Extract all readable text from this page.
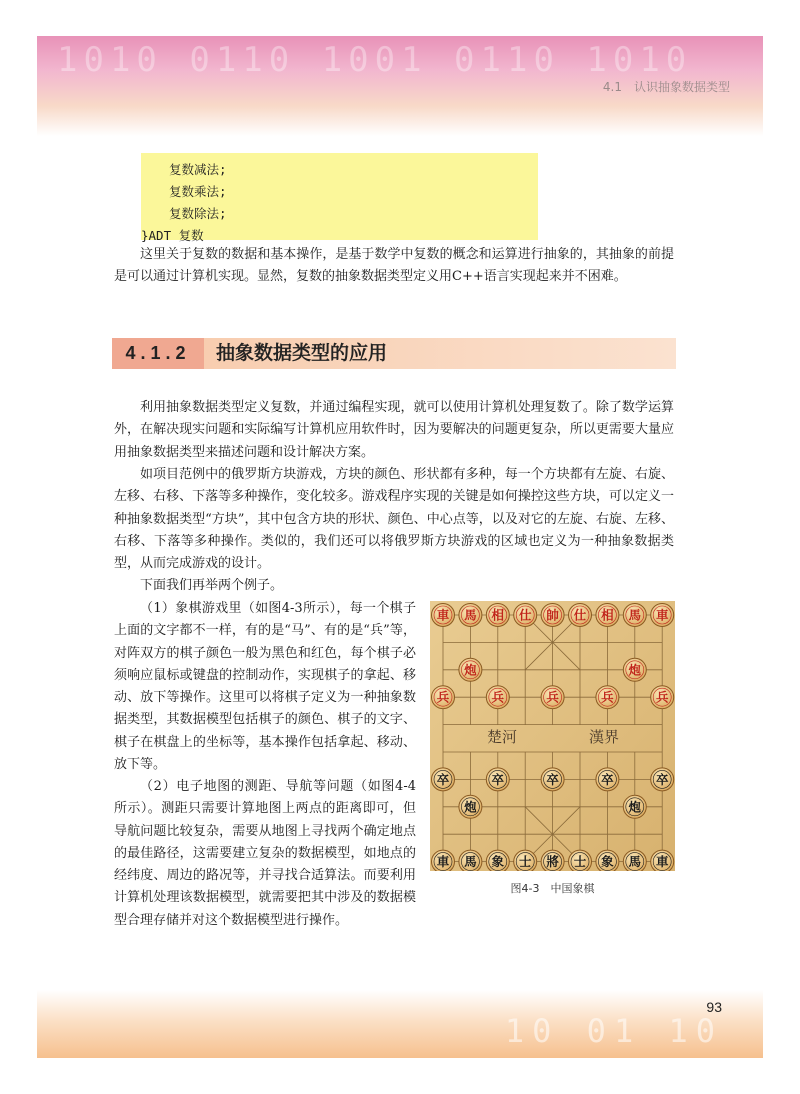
1010 0110 1001 0110 1010
4.1　认识抽象数据类型
复数减法;
复数乘法;
复数除法;
}ADT 复数

这里关于复数的数据和基本操作，是基于数学中复数的概念和运算进行抽象的，其抽象的前提是可以通过计算机实现。显然，复数的抽象数据类型定义用C++语言实现起来并不困难。

4.1.2	抽象数据类型的应用

利用抽象数据类型定义复数，并通过编程实现，就可以使用计算机处理复数了。除了数学运算外，在解决现实问题和实际编写计算机应用软件时，因为要解决的问题更复杂，所以更需要大量应用抽象数据类型来描述问题和设计解决方案。

如项目范例中的俄罗斯方块游戏，方块的颜色、形状都有多种，每一个方块都有左旋、右旋、左移、右移、下落等多种操作，变化较多。游戏程序实现的关键是如何操控这些方块，可以定义一种抽象数据类型“方块”，其中包含方块的形状、颜色、中心点等，以及对它的左旋、右旋、左移、右移、下落等多种操作。类似的，我们还可以将俄罗斯方块游戏的区域也定义为一种抽象数据类型，从而完成游戏的设计。

下面我们再举两个例子。

（1）象棋游戏里（如图4-3所示），每一个棋子上面的文字都不一样，有的是“马”、有的是“兵”等，对阵双方的棋子颜色一般为黑色和红色，每个棋子必须响应鼠标或键盘的控制动作，实现棋子的拿起、移动、放下等操作。这里可以将棋子定义为一种抽象数据类型，其数据模型包括棋子的颜色、棋子的文字、棋子在棋盘上的坐标等，基本操作包括拿起、移动、放下等。

（2）电子地图的测距、导航等问题（如图4-4所示）。测距只需要计算地图上两点的距离即可，但导航问题比较复杂，需要从地图上寻找两个确定地点的最佳路径，这需要建立复杂的数据模型，如地点的经纬度、周边的路况等，并寻找合适算法。而要利用计算机处理该数据模型，就需要把其中涉及的数据模型合理存储并对这个数据模型进行操作。

楚河	漢界
車 馬 相 仕 帥 仕 相 馬 車
炮	炮
兵	兵	兵	兵	兵
卒	卒	卒	卒	卒
炮	炮
車 馬 象 士 將 士 象 馬 車
图4-3　中国象棋
10 01 10
93
